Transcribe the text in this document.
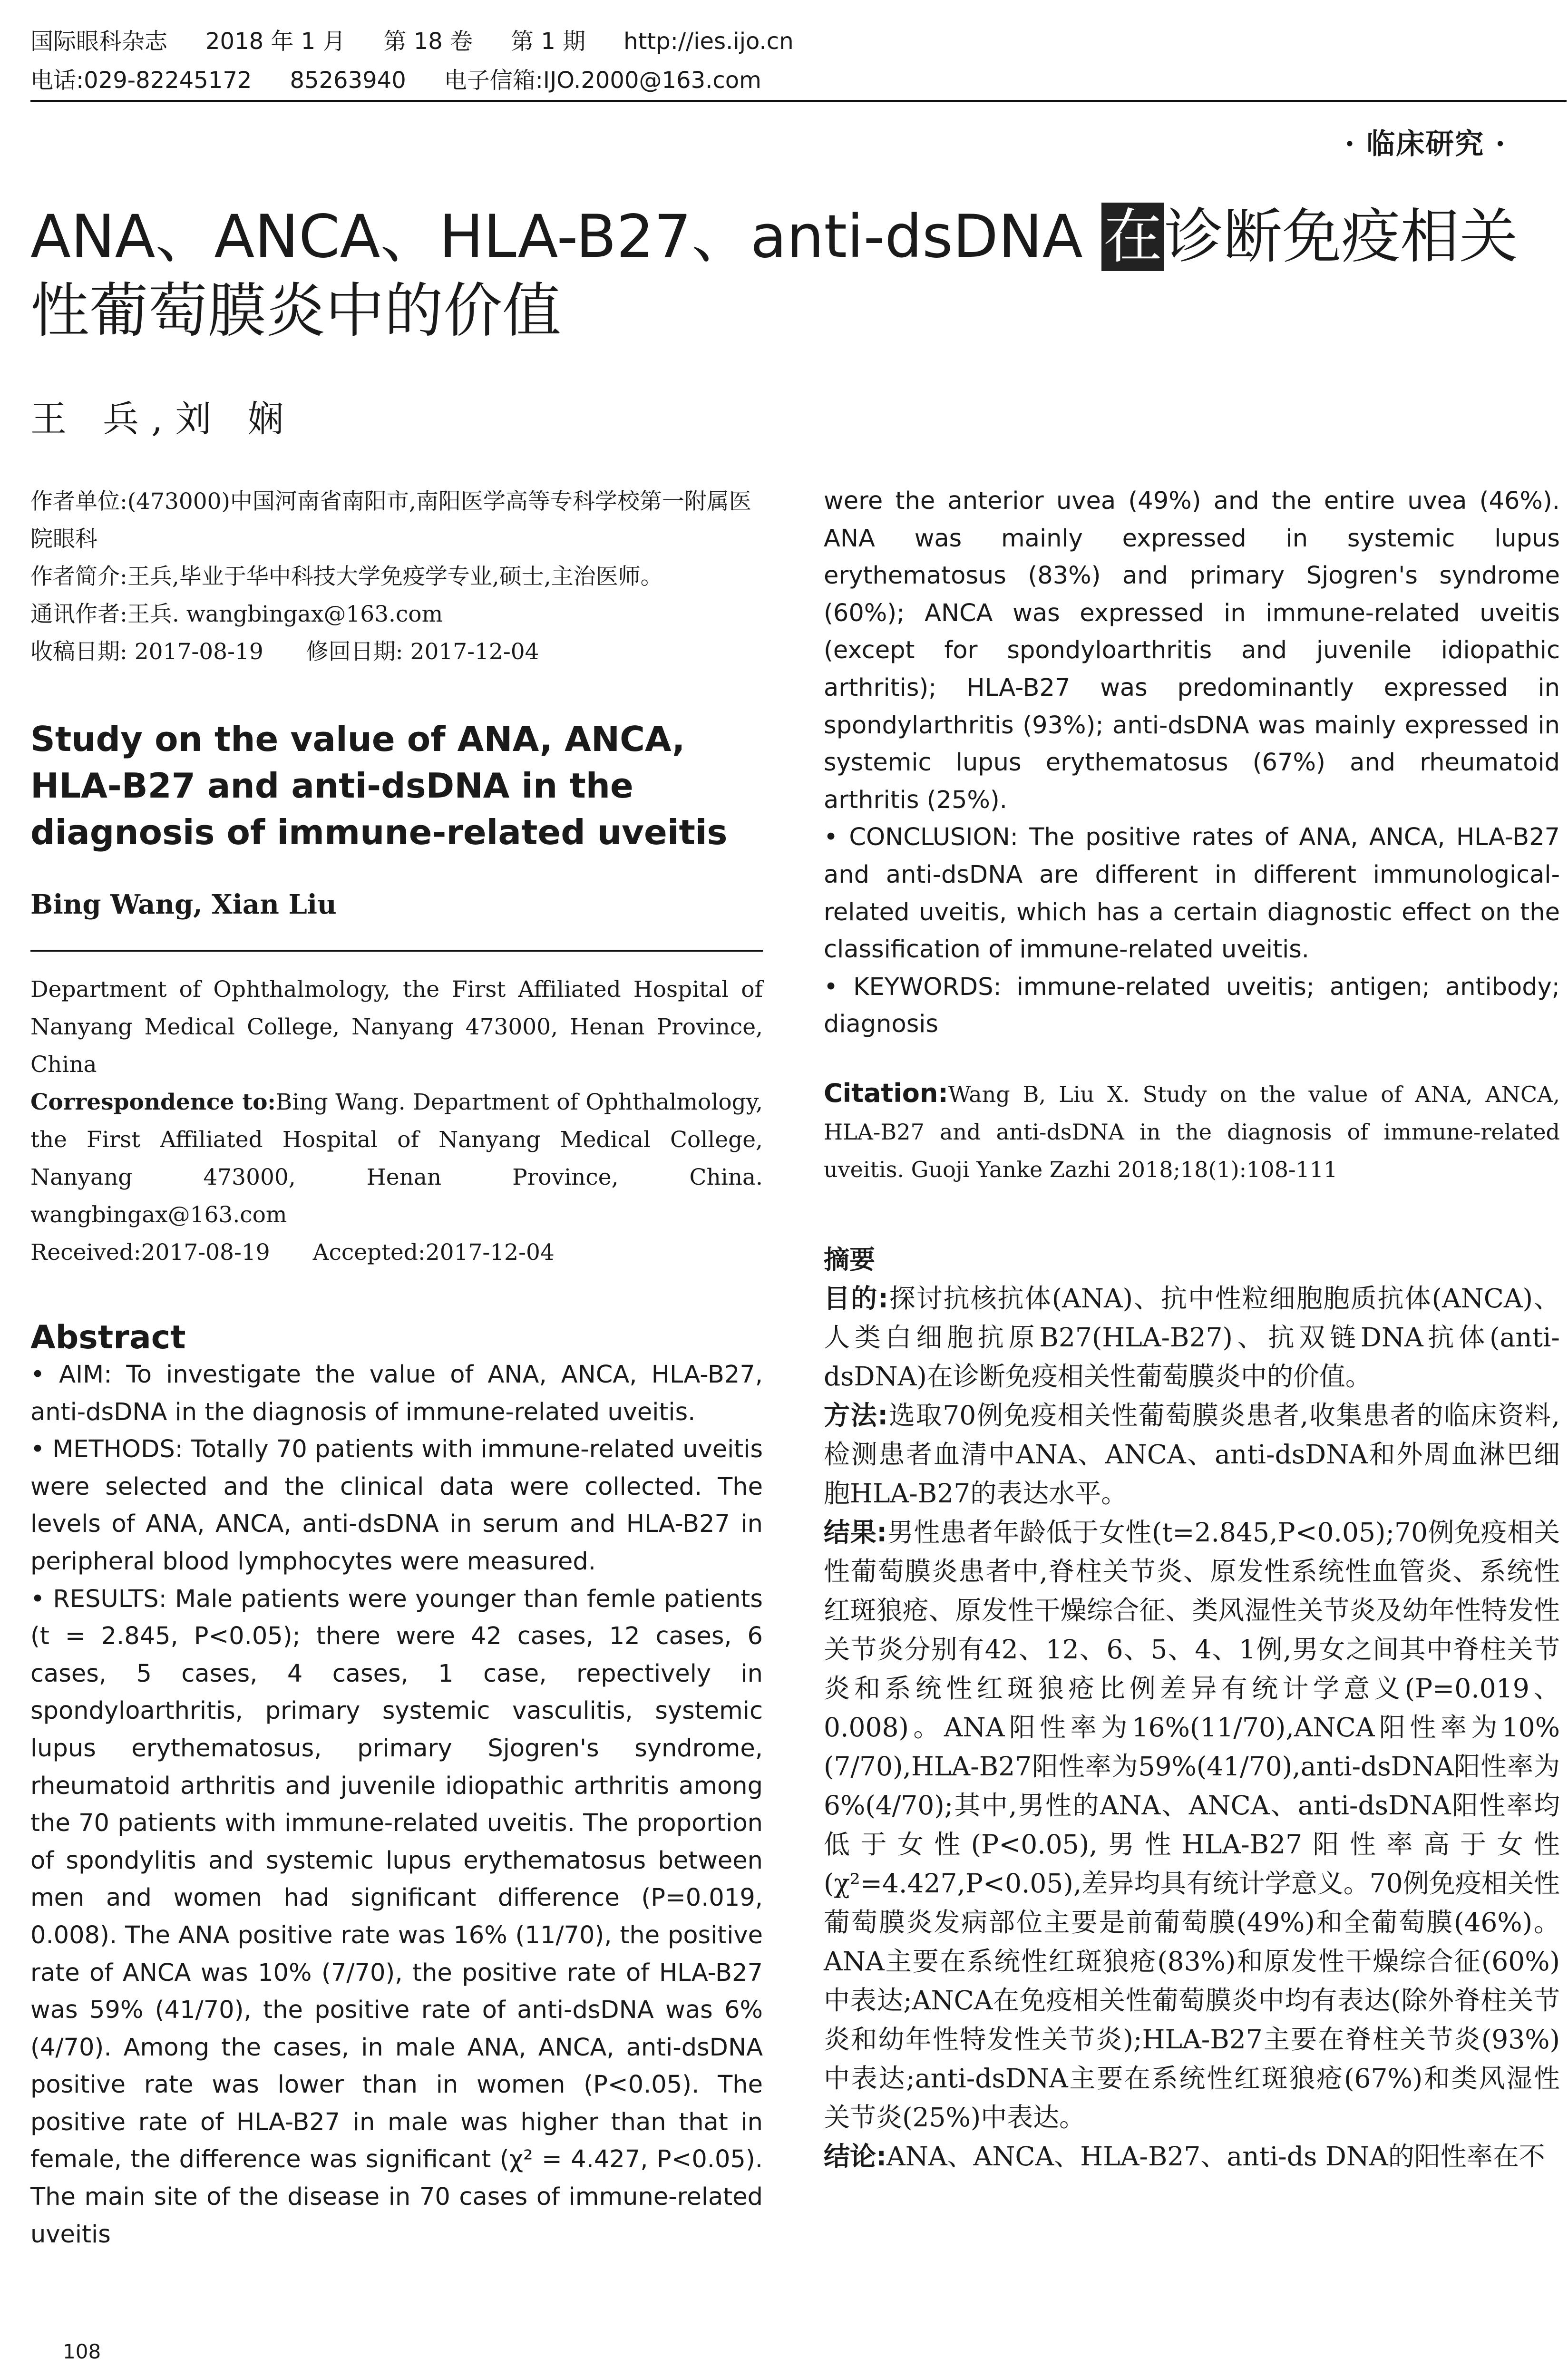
国际眼科杂志 2018 年 1 月 第 18 卷 第 1 期 http://ies.ijo.cn
电话:029-82245172 85263940 电子信箱:IJO.2000@163.com
· 临床研究 ·
ANA、ANCA、HLA-B27、anti-dsDNA 在诊断免疫相关性葡萄膜炎中的价值
王 兵,刘 娴
作者单位:(473000)中国河南省南阳市,南阳医学高等专科学校第一附属医院眼科
作者简介:王兵,毕业于华中科技大学免疫学专业,硕士,主治医师。
通讯作者:王兵. wangbingax@163.com
收稿日期: 2017-08-19 修回日期: 2017-12-04
Study on the value of ANA, ANCA, HLA-B27 and anti-dsDNA in the diagnosis of immune-related uveitis
Bing Wang, Xian Liu
Department of Ophthalmology, the First Affiliated Hospital of Nanyang Medical College, Nanyang 473000, Henan Province, China
Correspondence to:Bing Wang. Department of Ophthalmology, the First Affiliated Hospital of Nanyang Medical College, Nanyang 473000, Henan Province, China. wangbingax@163.com
Received:2017-08-19 Accepted:2017-12-04
Abstract
• AIM: To investigate the value of ANA, ANCA, HLA-B27, anti-dsDNA in the diagnosis of immune-related uveitis.
• METHODS: Totally 70 patients with immune-related uveitis were selected and the clinical data were collected. The levels of ANA, ANCA, anti-dsDNA in serum and HLA-B27 in peripheral blood lymphocytes were measured.
• RESULTS: Male patients were younger than femle patients (t = 2.845, P<0.05); there were 42 cases, 12 cases, 6 cases, 5 cases, 4 cases, 1 case, repectively in spondyloarthritis, primary systemic vasculitis, systemic lupus erythematosus, primary Sjogren's syndrome, rheumatoid arthritis and juvenile idiopathic arthritis among the 70 patients with immune-related uveitis. The proportion of spondylitis and systemic lupus erythematosus between men and women had significant difference (P=0.019, 0.008). The ANA positive rate was 16% (11/70), the positive rate of ANCA was 10% (7/70), the positive rate of HLA-B27 was 59% (41/70), the positive rate of anti-dsDNA was 6% (4/70). Among the cases, in male ANA, ANCA, anti-dsDNA positive rate was lower than in women (P<0.05). The positive rate of HLA-B27 in male was higher than that in female, the difference was significant (χ² = 4.427, P<0.05). The main site of the disease in 70 cases of immune-related uveitis
108
were the anterior uvea (49%) and the entire uvea (46%). ANA was mainly expressed in systemic lupus erythematosus (83%) and primary Sjogren's syndrome (60%); ANCA was expressed in immune-related uveitis (except for spondyloarthritis and juvenile idiopathic arthritis); HLA-B27 was predominantly expressed in spondylarthritis (93%); anti-dsDNA was mainly expressed in systemic lupus erythematosus (67%) and rheumatoid arthritis (25%).
• CONCLUSION: The positive rates of ANA, ANCA, HLA-B27 and anti-dsDNA are different in different immunological-related uveitis, which has a certain diagnostic effect on the classification of immune-related uveitis.
• KEYWORDS: immune-related uveitis; antigen; antibody; diagnosis
Citation:Wang B, Liu X. Study on the value of ANA, ANCA, HLA-B27 and anti-dsDNA in the diagnosis of immune-related uveitis. Guoji Yanke Zazhi 2018;18(1):108-111
摘要

目的:探讨抗核抗体(ANA)、抗中性粒细胞胞质抗体(ANCA)、人类白细胞抗原B27(HLA-B27)、抗双链DNA抗体(anti-dsDNA)在诊断免疫相关性葡萄膜炎中的价值。

方法:选取70例免疫相关性葡萄膜炎患者,收集患者的临床资料,检测患者血清中ANA、ANCA、anti-dsDNA和外周血淋巴细胞HLA-B27的表达水平。

结果:男性患者年龄低于女性(t=2.845,P<0.05);70例免疫相关性葡萄膜炎患者中,脊柱关节炎、原发性系统性血管炎、系统性红斑狼疮、原发性干燥综合征、类风湿性关节炎及幼年性特发性关节炎分别有42、12、6、5、4、1例,男女之间其中脊柱关节炎和系统性红斑狼疮比例差异有统计学意义(P=0.019、0.008)。ANA阳性率为16%(11/70),ANCA阳性率为10%(7/70),HLA-B27阳性率为59%(41/70),anti-dsDNA阳性率为6%(4/70);其中,男性的ANA、ANCA、anti-dsDNA阳性率均低于女性(P<0.05),男性HLA-B27阳性率高于女性(χ²=4.427,P<0.05),差异均具有统计学意义。70例免疫相关性葡萄膜炎发病部位主要是前葡萄膜(49%)和全葡萄膜(46%)。ANA主要在系统性红斑狼疮(83%)和原发性干燥综合征(60%)中表达;ANCA在免疫相关性葡萄膜炎中均有表达(除外脊柱关节炎和幼年性特发性关节炎);HLA-B27主要在脊柱关节炎(93%)中表达;anti-dsDNA主要在系统性红斑狼疮(67%)和类风湿性关节炎(25%)中表达。

结论:ANA、ANCA、HLA-B27、anti-ds DNA的阳性率在不
